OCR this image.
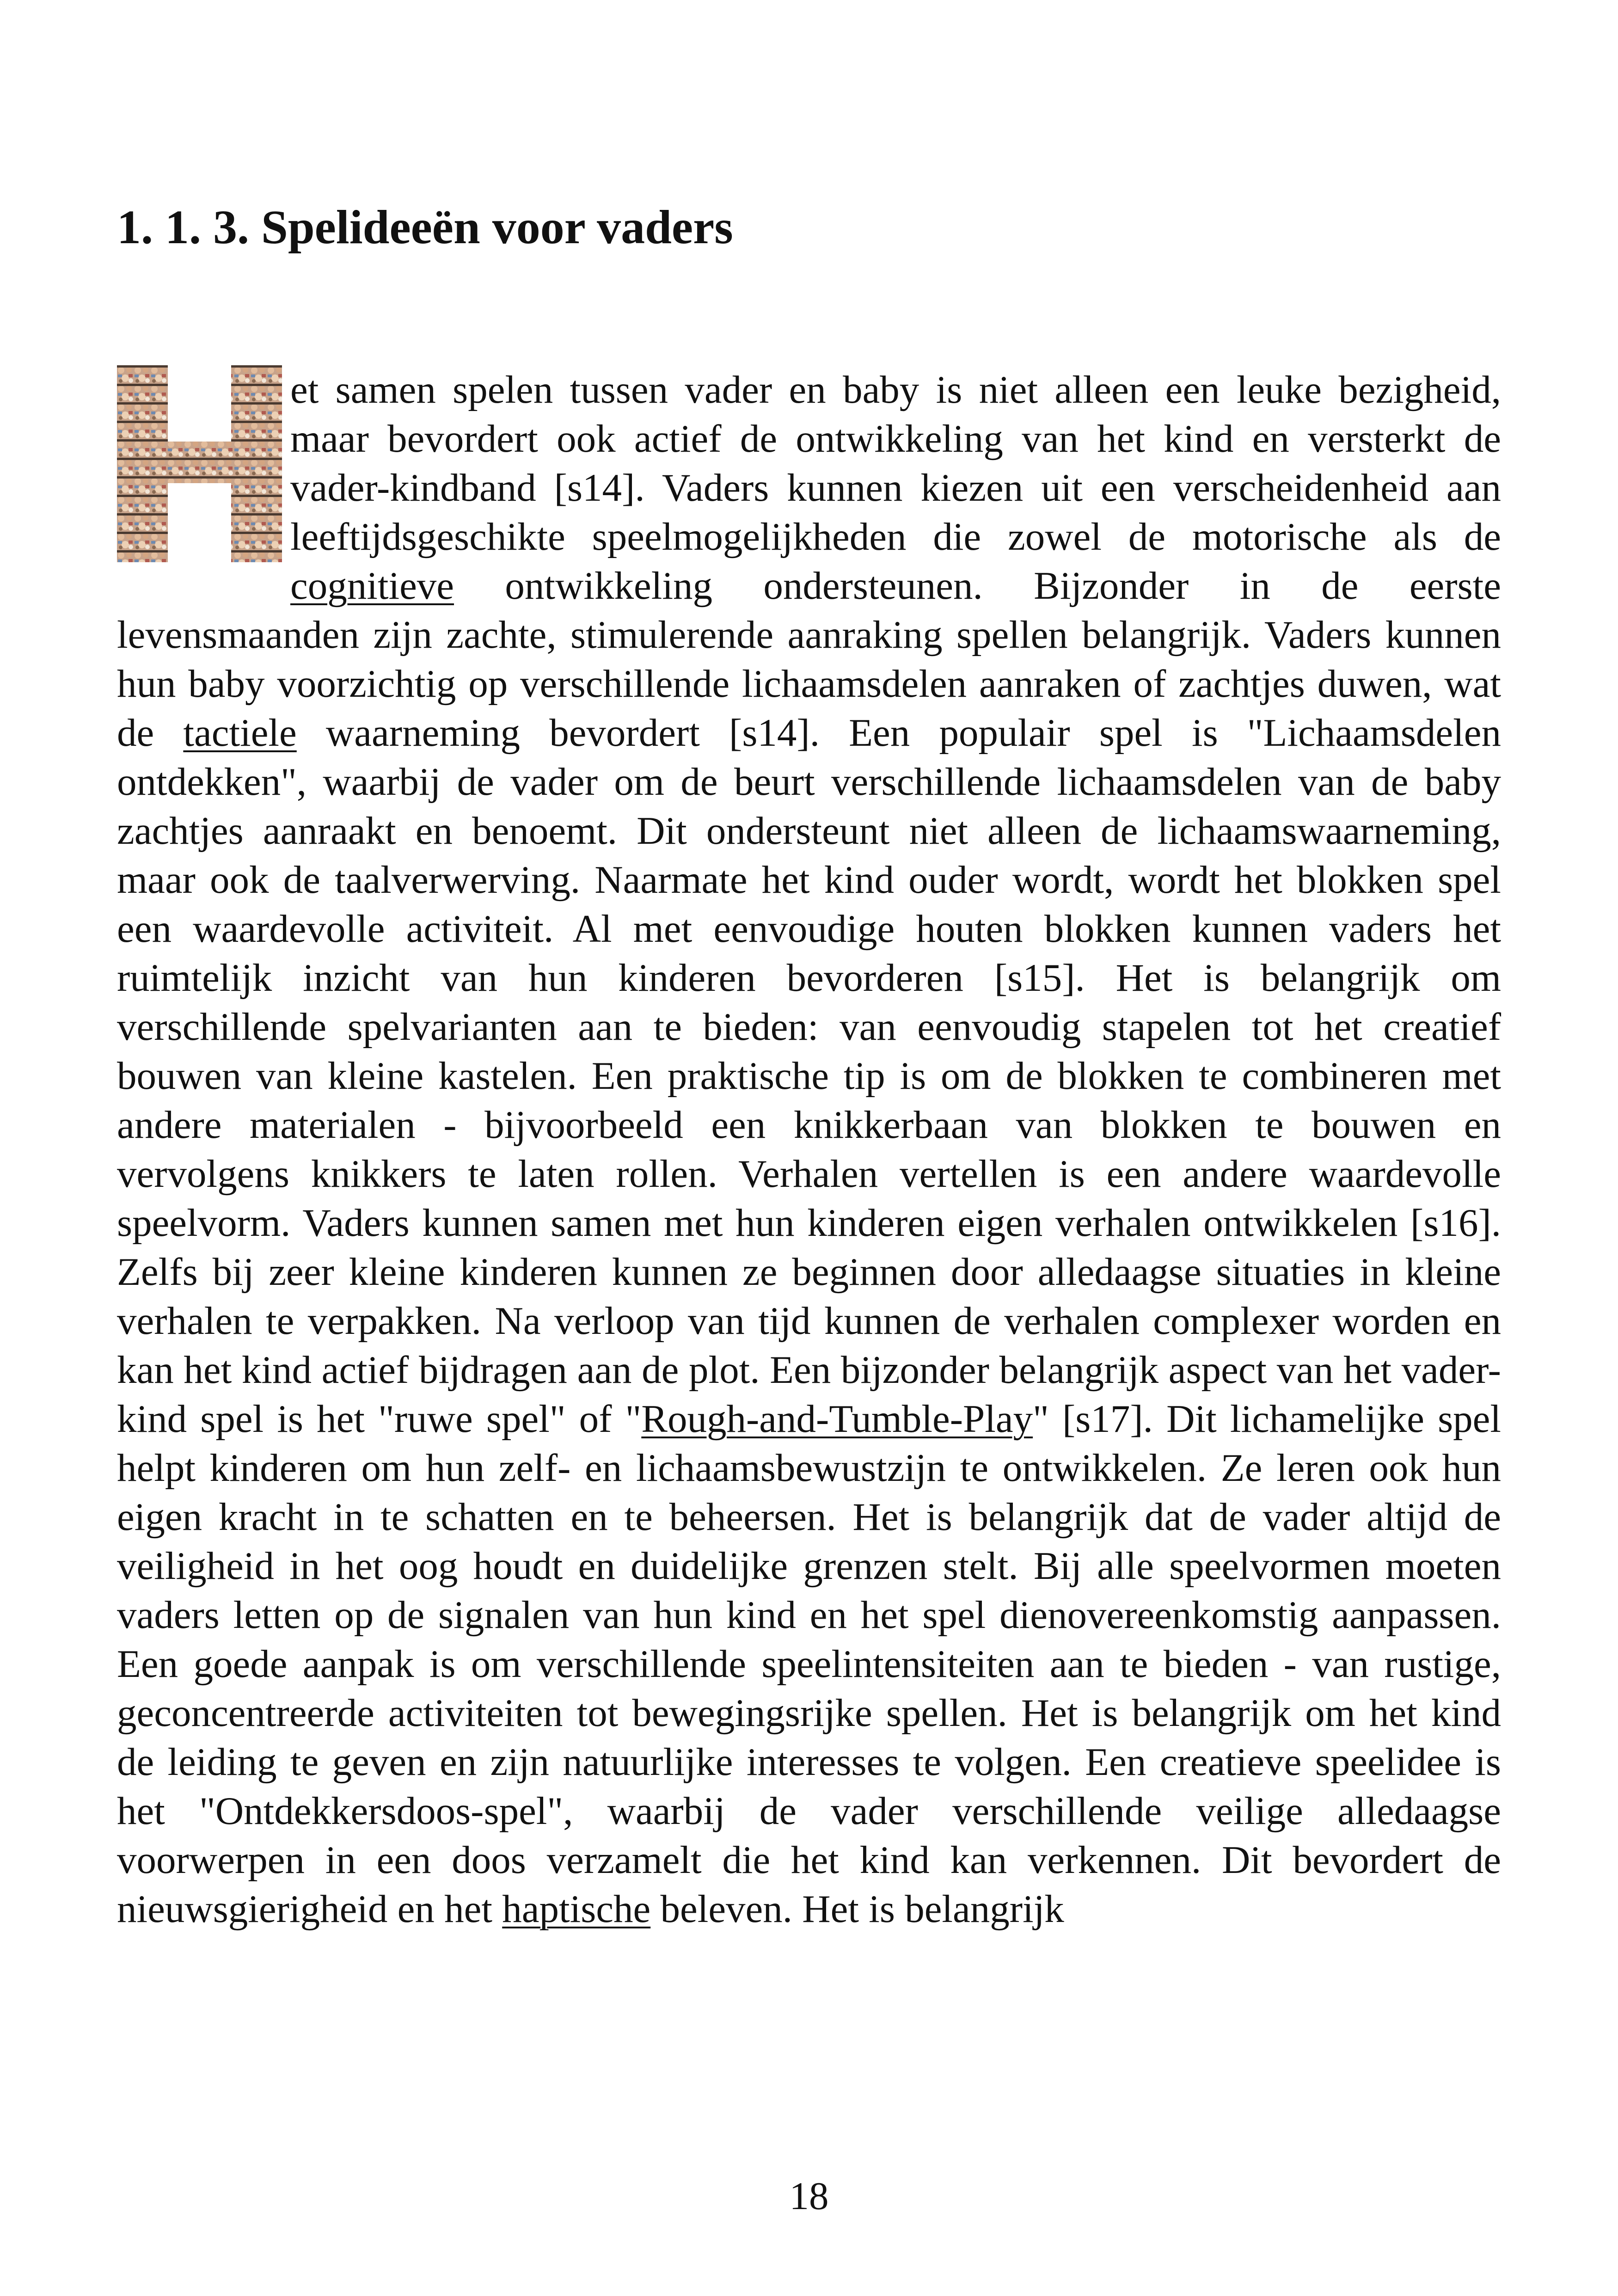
1. 1. 3. Spelideeën voor vaders
et samen spelen tussen vader en baby is niet alleen een leuke bezigheid, maar bevordert ook actief de ontwikkeling van het kind en versterkt de vader-kindband [s14]. Vaders kunnen kiezen uit een verscheidenheid aan leeftijdsgeschikte speelmogelijkheden die zowel de motorische als de cognitieve ontwikkeling ondersteunen. Bijzonder in de eerste levensmaanden zijn zachte, stimulerende aanraking spellen belangrijk. Vaders kunnen hun baby voorzichtig op verschillende lichaamsdelen aanraken of zachtjes duwen, wat de tactiele waarneming bevordert [s14]. Een populair spel is "Lichaamsdelen ontdekken", waarbij de vader om de beurt verschillende lichaamsdelen van de baby zachtjes aanraakt en benoemt. Dit ondersteunt niet alleen de lichaamswaarneming, maar ook de taalverwerving. Naarmate het kind ouder wordt, wordt het blokken spel een waardevolle activiteit. Al met eenvoudige houten blokken kunnen vaders het ruimtelijk inzicht van hun kinderen bevorderen [s15]. Het is belangrijk om verschillende spelvarianten aan te bieden: van eenvoudig stapelen tot het creatief bouwen van kleine kastelen. Een praktische tip is om de blokken te combineren met andere materialen - bijvoorbeeld een knikkerbaan van blokken te bouwen en vervolgens knikkers te laten rollen. Verhalen vertellen is een andere waardevolle speelvorm. Vaders kunnen samen met hun kinderen eigen verhalen ontwikkelen [s16]. Zelfs bij zeer kleine kinderen kunnen ze beginnen door alledaagse situaties in kleine verhalen te verpakken. Na verloop van tijd kunnen de verhalen complexer worden en kan het kind actief bijdragen aan de plot. Een bijzonder belangrijk aspect van het vader-kind spel is het "ruwe spel" of "Rough-and-Tumble-Play" [s17]. Dit lichamelijke spel helpt kinderen om hun zelf- en lichaamsbewustzijn te ontwikkelen. Ze leren ook hun eigen kracht in te schatten en te beheersen. Het is belangrijk dat de vader altijd de veiligheid in het oog houdt en duidelijke grenzen stelt. Bij alle speelvormen moeten vaders letten op de signalen van hun kind en het spel dienovereenkomstig aanpassen. Een goede aanpak is om verschillende speelintensiteiten aan te bieden - van rustige, geconcentreerde activiteiten tot bewegingsrijke spellen. Het is belangrijk om het kind de leiding te geven en zijn natuurlijke interesses te volgen. Een creatieve speelidee is het "Ontdekkersdoos-spel", waarbij de vader verschillende veilige alledaagse voorwerpen in een doos verzamelt die het kind kan verkennen. Dit bevordert de nieuwsgierigheid en het haptische beleven. Het is belangrijk
18
